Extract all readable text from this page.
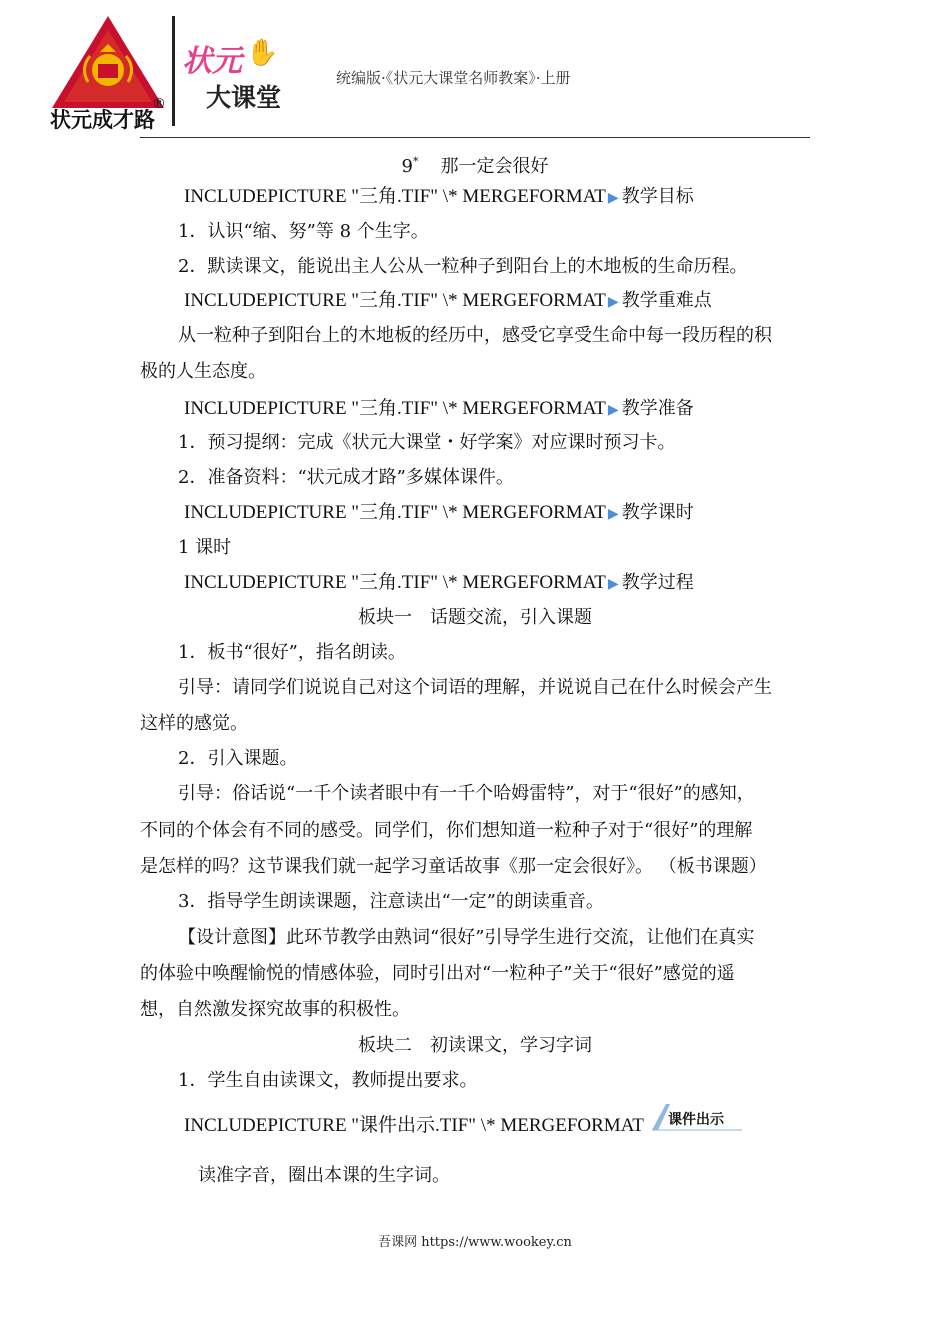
状元成才路
®
状元 ✋
大课堂
统编版·《状元大课堂名师教案》·上册
9* 那一定会很好
INCLUDEPICTURE "三角.TIF" \* MERGEFORMAT ▶ 教学目标
1．认识“缩、努”等 8 个生字。
2．默读课文，能说出主人公从一粒种子到阳台上的木地板的生命历程。
INCLUDEPICTURE "三角.TIF" \* MERGEFORMAT ▶ 教学重难点
从一粒种子到阳台上的木地板的经历中，感受它享受生命中每一段历程的积
极的人生态度。
INCLUDEPICTURE "三角.TIF" \* MERGEFORMAT ▶ 教学准备
1．预习提纲：完成《状元大课堂・好学案》对应课时预习卡。
2．准备资料：“状元成才路”多媒体课件。
INCLUDEPICTURE "三角.TIF" \* MERGEFORMAT ▶ 教学课时
1 课时
INCLUDEPICTURE "三角.TIF" \* MERGEFORMAT ▶ 教学过程
板块一　话题交流，引入课题
1．板书“很好”，指名朗读。
引导：请同学们说说自己对这个词语的理解，并说说自己在什么时候会产生
这样的感觉。
2．引入课题。
引导：俗话说“一千个读者眼中有一千个哈姆雷特”，对于“很好”的感知，
不同的个体会有不同的感受。同学们，你们想知道一粒种子对于“很好”的理解
是怎样的吗？这节课我们就一起学习童话故事《那一定会很好》。 （板书课题）
3．指导学生朗读课题，注意读出“一定”的朗读重音。
【设计意图】此环节教学由熟词“很好”引导学生进行交流，让他们在真实
的体验中唤醒愉悦的情感体验，同时引出对“一粒种子”关于“很好”感觉的遥
想，自然激发探究故事的积极性。
板块二　初读课文，学习字词
1．学生自由读课文，教师提出要求。
INCLUDEPICTURE "课件出示.TIF" \* MERGEFORMAT	课件出示
读准字音，圈出本课的生字词。
吾课网 https://www.wookey.cn
